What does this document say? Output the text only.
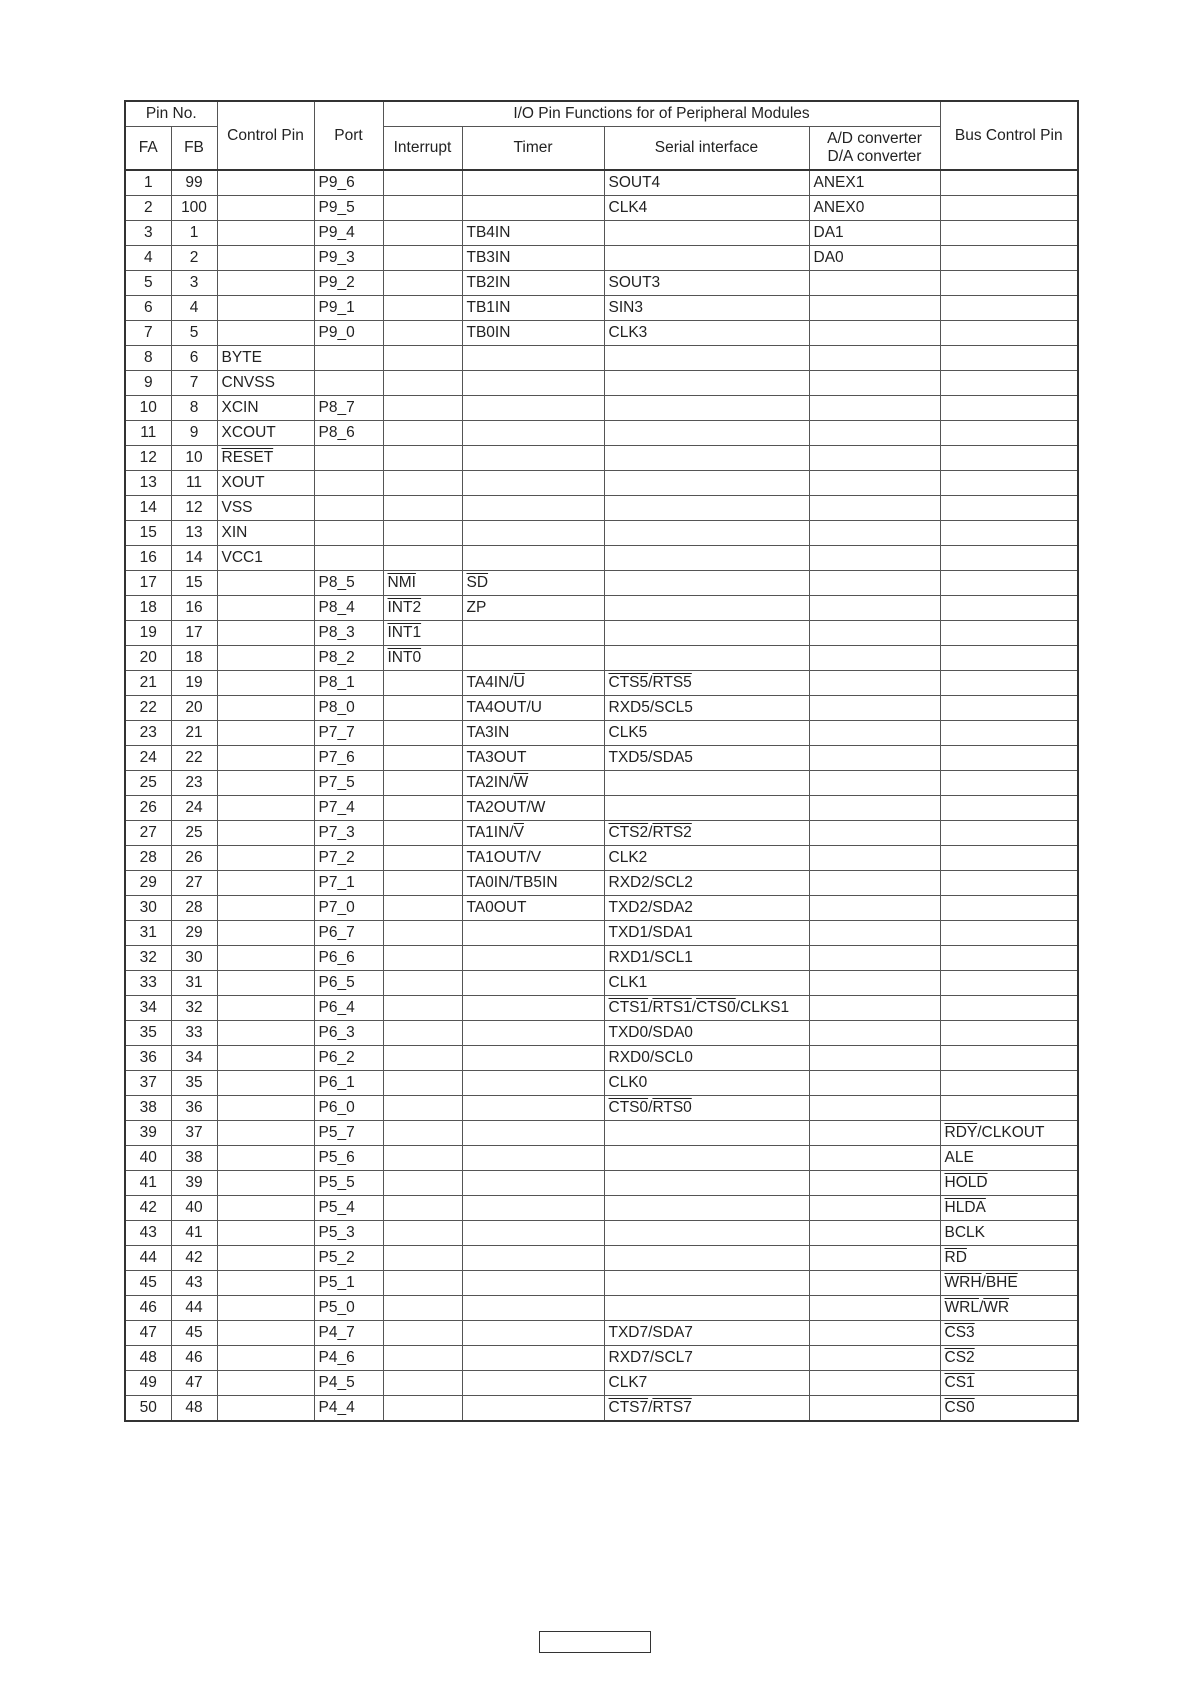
Pin No.		Control Pin	Port	I/O Pin Functions for of Peripheral Modules				Bus Control Pin
FA	FB			Interrupt	Timer	Serial interface	A/D converter
D/A converter	

1	99		P9_6			SOUT4	ANEX1	
2	100		P9_5			CLK4	ANEX0	
3	1		P9_4		TB4IN		DA1	
4	2		P9_3		TB3IN		DA0	
5	3		P9_2		TB2IN	SOUT3		
6	4		P9_1		TB1IN	SIN3		
7	5		P9_0		TB0IN	CLK3		
8	6	BYTE						
9	7	CNVSS						
10	8	XCIN	P8_7					
11	9	XCOUT	P8_6					
12	10	RESET						
13	11	XOUT						
14	12	VSS						
15	13	XIN						
16	14	VCC1						
17	15		P8_5	$\overline{NMI}$	$\overline{SD}$			
18	16		P8_4	INT2	ZP			
19	17		P8_3	INT1				
20	18		P8_2	INT0				
21	19		P8_1		$TA4IN/\overline{U}$	CTS5/RTS5		
22	20		P8_0		TA4OUT/U	RXD5/SCL5		
23	21		P7_7		TA3IN	CLK5		
24	22		P7_6		TA3OUT	TXD5/SDA5		
25	23		P7_5		$TA2IN/\overline{W}$			
26	24		P7_4		TA2OUT/W			
27	25		P7_3		$TA1IN/\overline{V}$	CTS2/RTS2		
28	26		P7_2		TA1OUT/V	CLK2		
29	27		P7_1		TA0IN/TB5IN	RXD2/SCL2		
30	28		P7_0		TA0OUT	TXD2/SDA2		
31	29		P6_7			TXD1/SDA1		
32	30		P6_6			RXD1/SCL1		
33	31		P6_5			CLK1		
34	32		P6_4			CTS1/RTS1/CTS0/CLKS1		
35	33		P6_3			TXD0/SDA0		
36	34		P6_2			RXD0/SCL0		
37	35		P6_1			CLK0		
38	36		P6_0			CTS0/RTS0		
39	37		P5_7					$\overline{RDY}$/CLKOUT
40	38		P5_6					ALE
41	39		P5_5					HOLD
42	40		P5_4					HLDA
43	41		P5_3					BCLK
44	42		P5_2					$\overline{RD}$
45	43		P5_1					$\overline{WRH}/\overline{BHE}$
46	44		P5_0					$\overline{WRL}/\overline{WR}$
47	45		P4_7			TXD7/SDA7		CS3
48	46		P4_6			RXD7/SCL7		CS2
49	47		P4_5			CLK7		CS1
50	48		P4_4			CTS7/RTS7		CS0
